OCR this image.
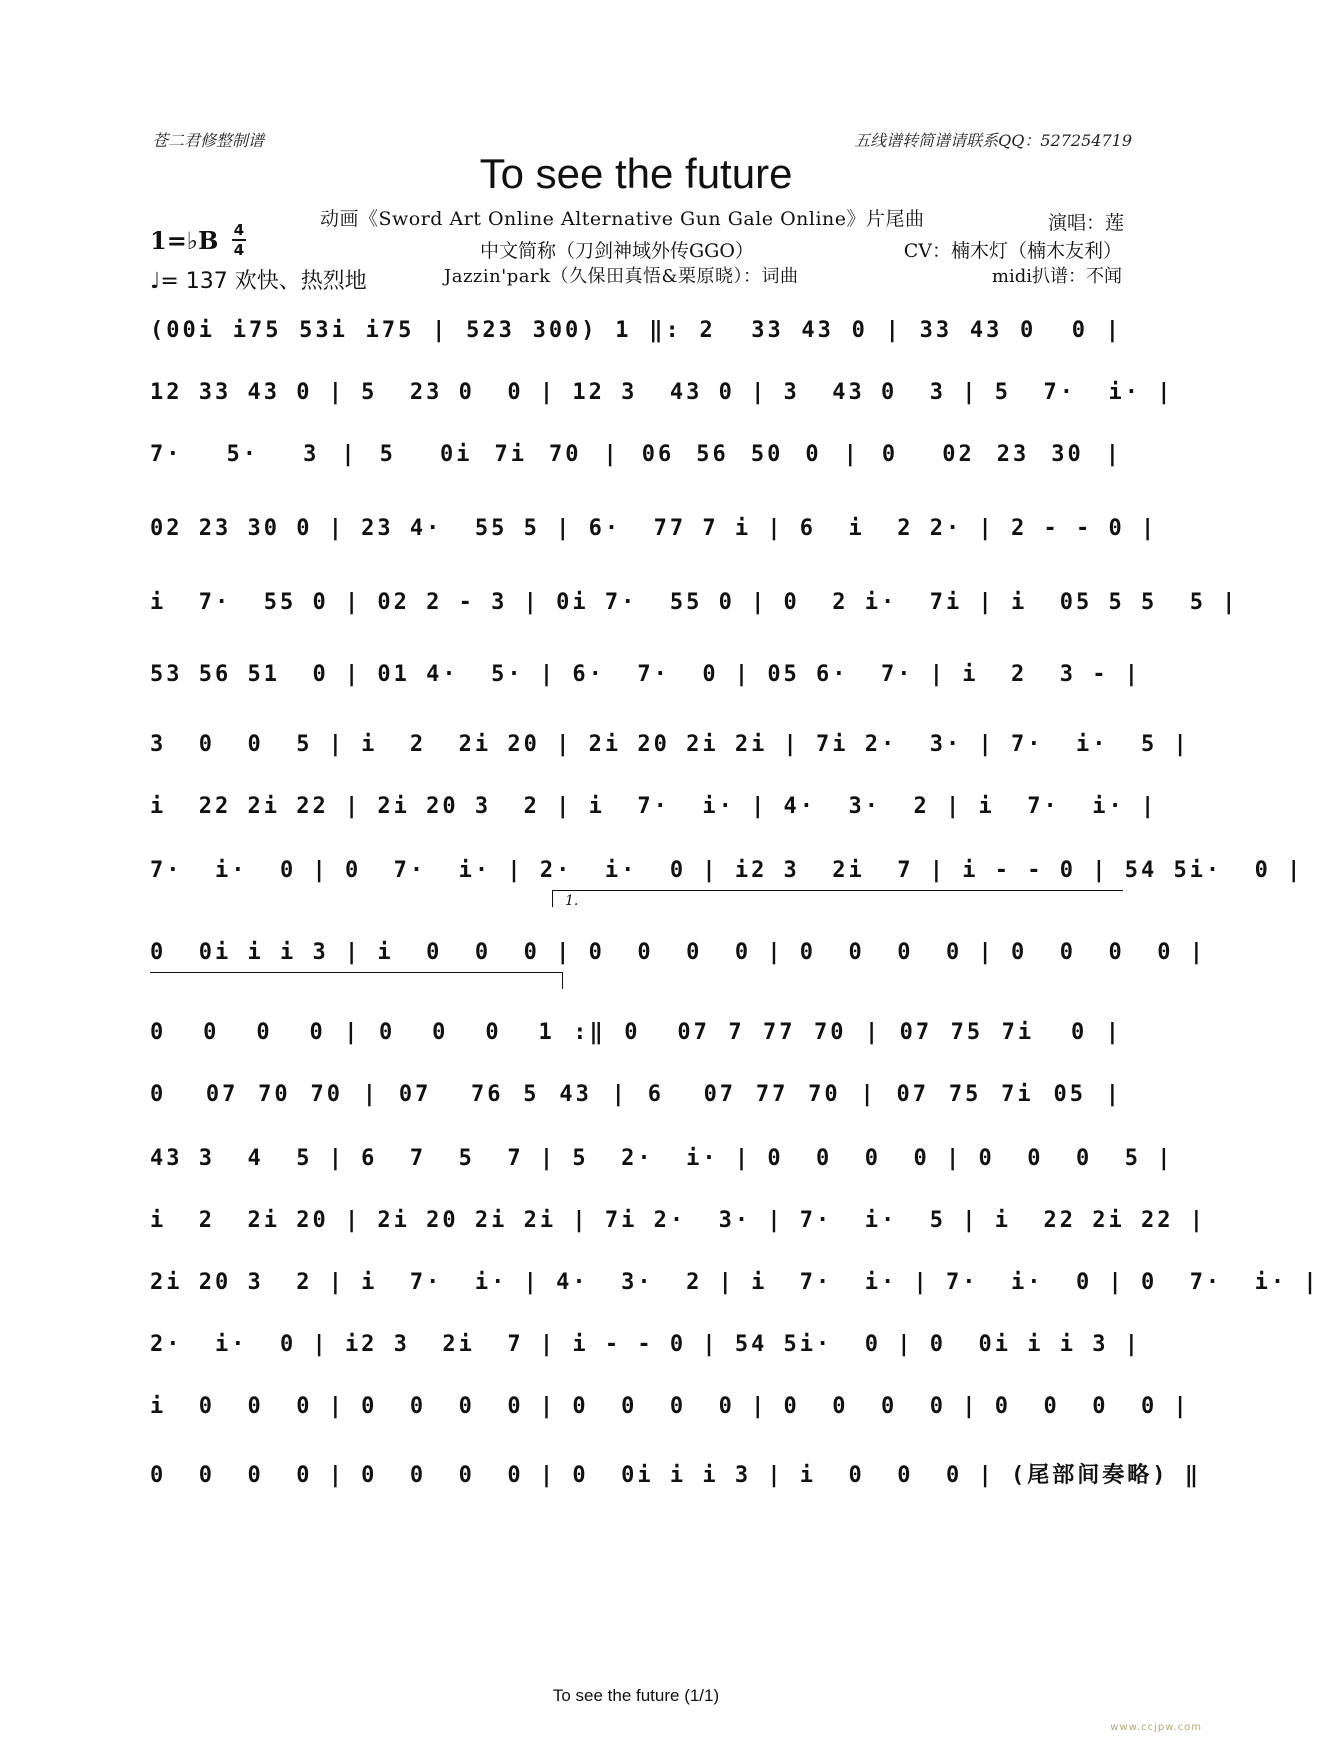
苍二君修整制谱	五线谱转简谱请联系QQ：527254719
To see the future
动画《Sword Art Online Alternative Gun Gale Online》片尾曲	演唱：莲
1=♭B 4
4	中文简称（刀剑神域外传GGO）	CV：楠木灯（楠木友利）
♩= 137 欢快、热烈地	Jazzin'park（久保田真悟&栗原晓）：词曲	midi扒谱：不闻
(00i i75 53i i75 | 523 300) 1 ‖: 2  33 43 0 | 33 43 0  0 |
12 33 43 0 | 5  23 0  0 | 12 3  43 0 | 3  43 0  3 | 5  7·  i· |
7·  5·  3 | 5  0i 7i 70 | 06 56 50 0 | 0  02 23 30 |
02 23 30 0 | 23 4·  55 5 | 6·  77 7 i | 6  i  2 2· | 2 - - 0 |
i  7·  55 0 | 02 2 - 3 | 0i 7·  55 0 | 0  2 i·  7i | i  05 5 5  5 |
53 56 51  0 | 01 4·  5· | 6·  7·  0 | 05 6·  7· | i  2  3 - |
3  0  0  5 | i  2  2i 20 | 2i 20 2i 2i | 7i 2·  3· | 7·  i·  5 |
i  22 2i 22 | 2i 20 3  2 | i  7·  i· | 4·  3·  2 | i  7·  i· |
7·  i·  0 | 0  7·  i· | 2·  i·  0 | i2 3  2i  7 | i - - 0 | 54 5i·  0 |
1.
0  0i i i 3 | i  0  0  0 | 0  0  0  0 | 0  0  0  0 | 0  0  0  0 |
0  0  0  0 | 0  0  0  1 :‖ 0  07 7 77 70 | 07 75 7i  0 |
0  07 70 70 | 07  76 5 43 | 6  07 77 70 | 07 75 7i 05 |
43 3  4  5 | 6  7  5  7 | 5  2·  i· | 0  0  0  0 | 0  0  0  5 |
i  2  2i 20 | 2i 20 2i 2i | 7i 2·  3· | 7·  i·  5 | i  22 2i 22 |
2i 20 3  2 | i  7·  i· | 4·  3·  2 | i  7·  i· | 7·  i·  0 | 0  7·  i· |
2·  i·  0 | i2 3  2i  7 | i - - 0 | 54 5i·  0 | 0  0i i i 3 |
i  0  0  0 | 0  0  0  0 | 0  0  0  0 | 0  0  0  0 | 0  0  0  0 |
0  0  0  0 | 0  0  0  0 | 0  0i i i 3 | i  0  0  0 | (尾部间奏略) ‖
To see the future (1/1)
www.ccjpw.com
